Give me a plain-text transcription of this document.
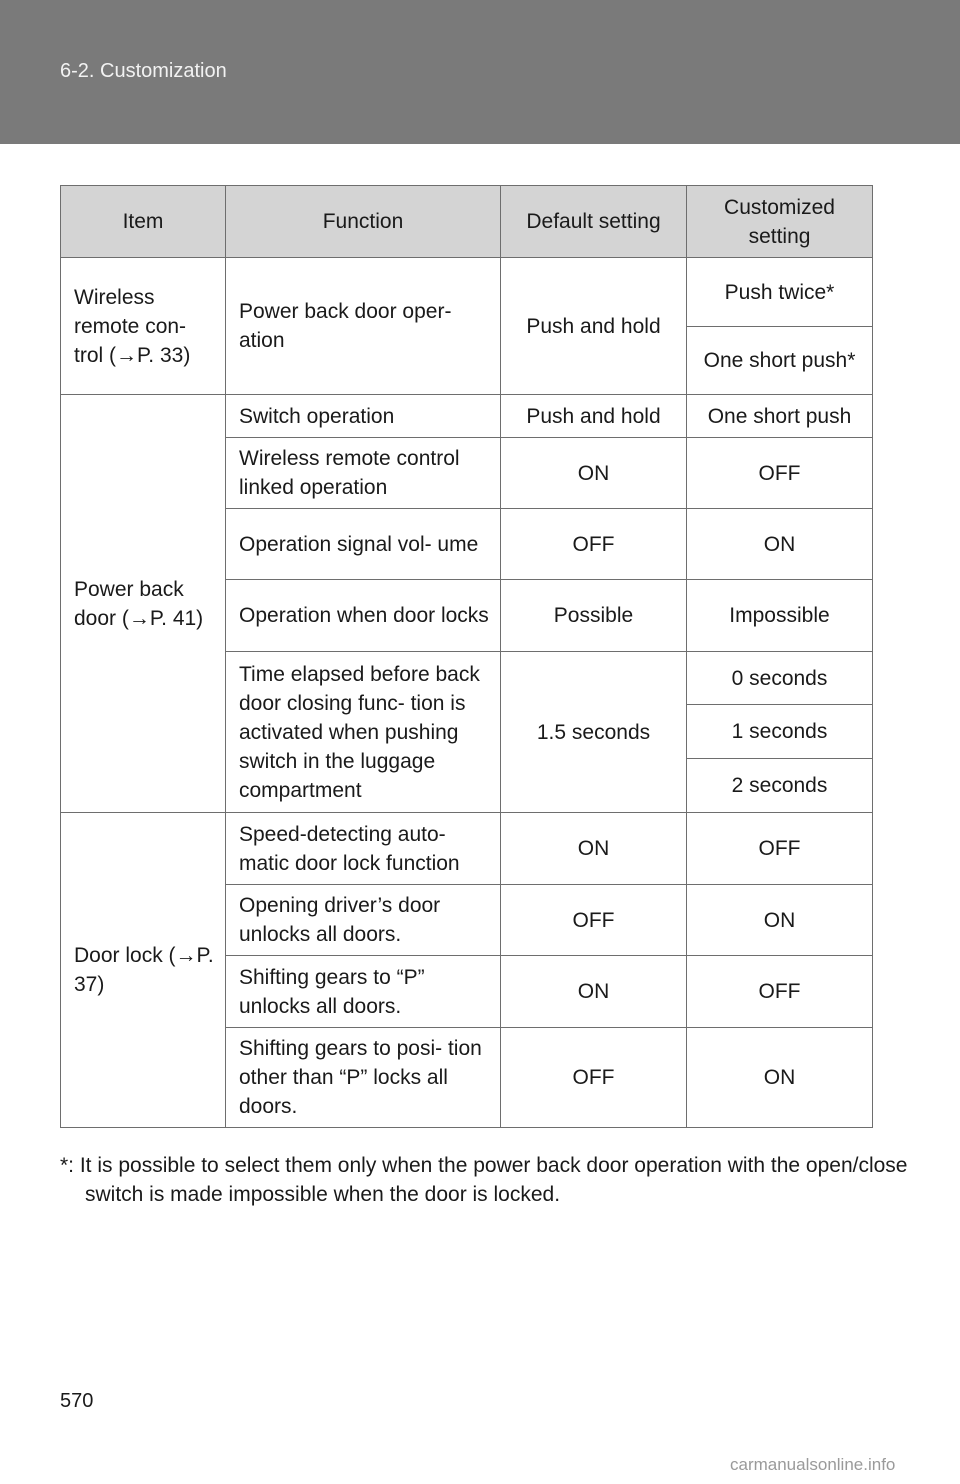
6-2. Customization
Item	Function	Default setting	Customized setting
Wireless remote con- trol (→P. 33)	Power back door oper- ation	Push and hold	Push twice*
			One short push*
Power back door (→P. 41)	Switch operation	Push and hold	One short push
	Wireless remote control linked operation	ON	OFF
	Operation signal vol- ume	OFF	ON
	Operation when door locks	Possible	Impossible
	Time elapsed before back door closing func- tion is activated when pushing switch in the luggage compartment	1.5 seconds	0 seconds
			1 seconds
			2 seconds
Door lock (→P. 37)	Speed-detecting auto- matic door lock function	ON	OFF
	Opening driver’s door unlocks all doors.	OFF	ON
	Shifting gears to “P” unlocks all doors.	ON	OFF
	Shifting gears to posi- tion other than “P” locks all doors.	OFF	ON
*: It is possible to select them only when the power back door operation with the open/close switch is made impossible when the door is locked.
570
carmanualsonline.info
